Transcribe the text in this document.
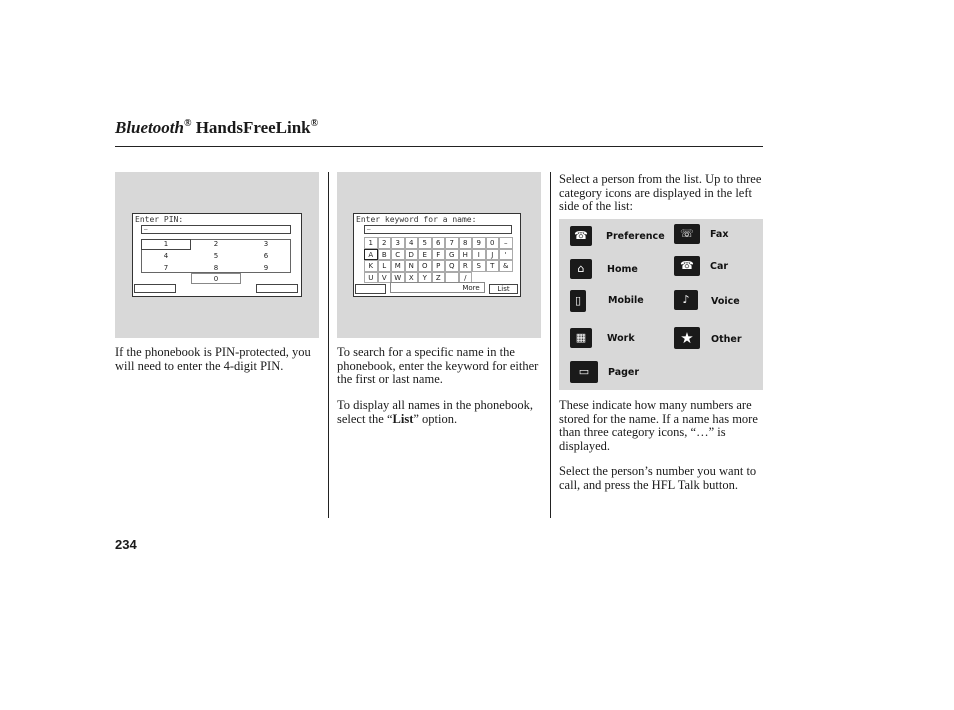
Bluetooth® HandsFreeLink®
Enter PIN:
–
1	2	3
4	5	6
7	8	9
0
If the phonebook is PIN-protected, you will need to enter the 4-digit PIN.
Enter keyword for a name:
–
1	2	3	4	5	6	7	8	9	0	–
A	B	C	D	E	F	G	H	I	J	'
K	L	M	N	O	P	Q	R	S	T	&
U	V	W	X	Y	Z	/
More	List
To search for a specific name in the phonebook, enter the keyword for either the first or last name.
To display all names in the phonebook, select the “List” option.
Select a person from the list. Up to three category icons are displayed in the left side of the list:
☎	Preference
⌂	Home
▯	Mobile
▦	Work
▭	Pager
☏	Fax
☎	Car
♪	Voice
★	Other
These indicate how many numbers are stored for the name. If a name has more than three category icons, “…” is displayed.
Select the person’s number you want to call, and press the HFL Talk button.
234
